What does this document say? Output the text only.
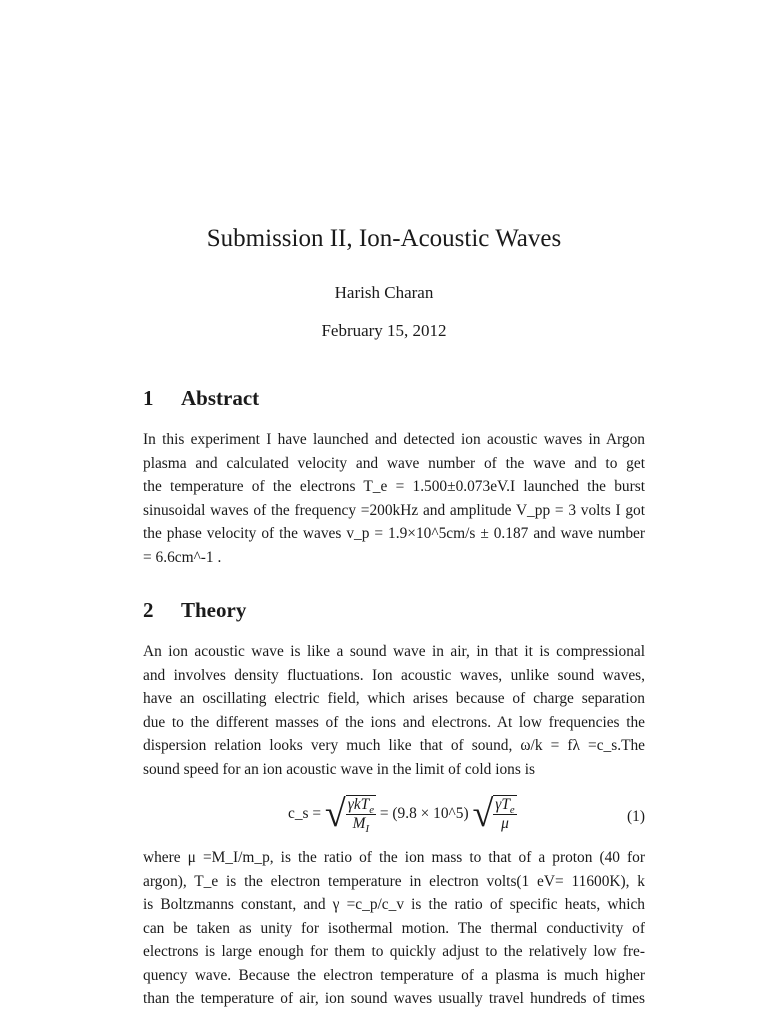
Submission II, Ion-Acoustic Waves
Harish Charan
February 15, 2012
1 Abstract
In this experiment I have launched and detected ion acoustic waves in Argon
plasma and calculated velocity and wave number of the wave and to get
the temperature of the electrons T_e = 1.500±0.073eV.I launched the burst
sinusoidal waves of the frequency =200kHz and amplitude V_pp = 3 volts I got
the phase velocity of the waves v_p = 1.9×10^5cm/s ± 0.187 and wave number
= 6.6cm^-1 .
2 Theory
An ion acoustic wave is like a sound wave in air, in that it is compressional
and involves density fluctuations. Ion acoustic waves, unlike sound waves,
have an oscillating electric field, which arises because of charge separation
due to the different masses of the ions and electrons. At low frequencies the
dispersion relation looks very much like that of sound, ω/k = fλ =c_s.The
sound speed for an ion acoustic wave in the limit of cold ions is
c_s = √ $\frac{\gamma kT_e}{M_I} = (9.8$ × 10^5) √ $\frac{\gamma T_e}{\mu}$	(1)
where μ =M_I/m_p, is the ratio of the ion mass to that of a proton (40 for
argon), T_e is the electron temperature in electron volts(1 eV= 11600K), k
is Boltzmanns constant, and γ =c_p/c_v is the ratio of specific heats, which
can be taken as unity for isothermal motion. The thermal conductivity of
electrons is large enough for them to quickly adjust to the relatively low fre-
quency wave. Because the electron temperature of a plasma is much higher
than the temperature of air, ion sound waves usually travel hundreds of times
